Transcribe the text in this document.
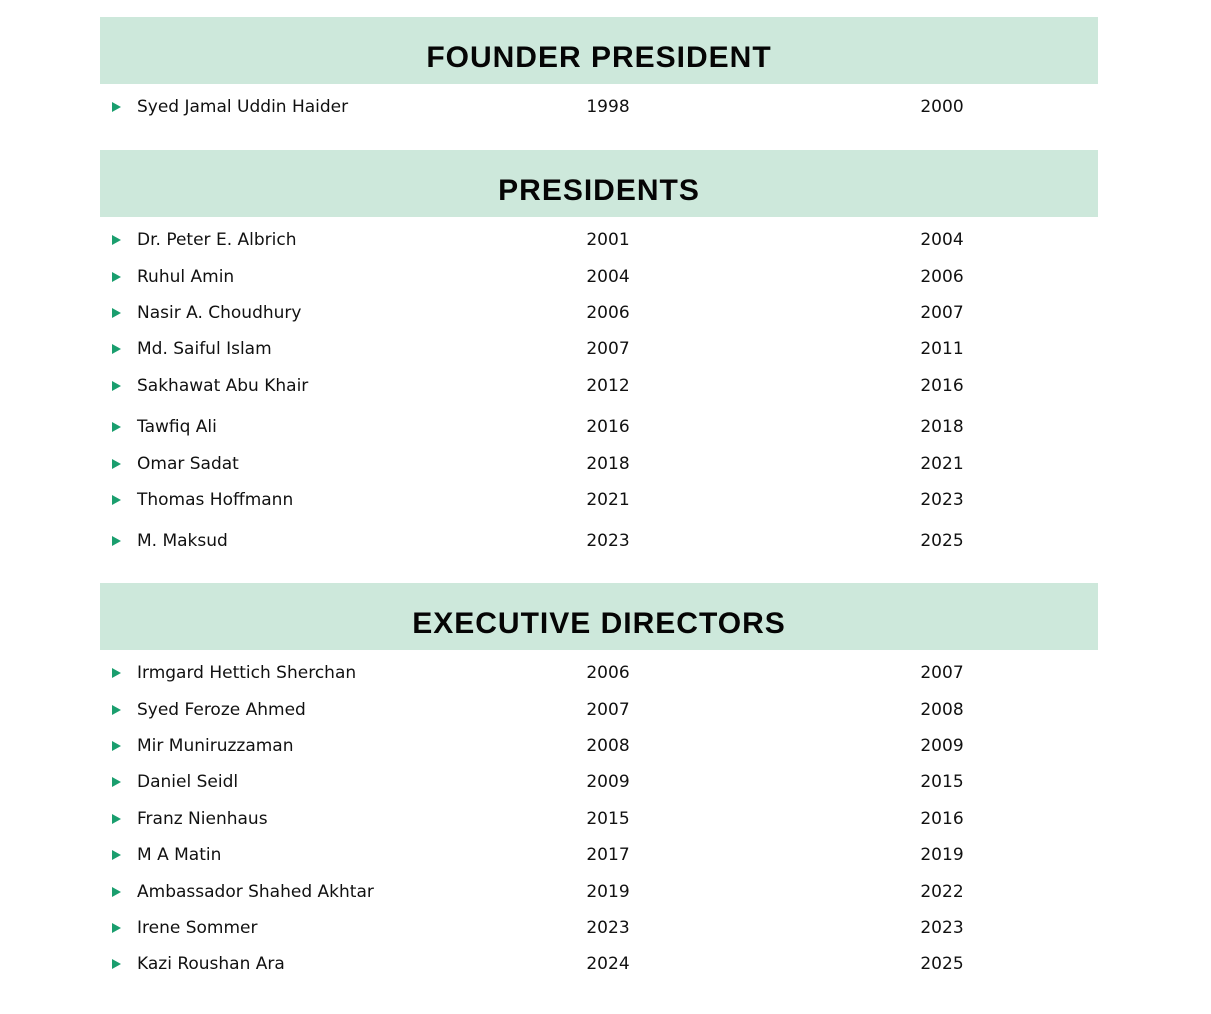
FOUNDER PRESIDENT
Syed Jamal Uddin Haider	1998	2000
PRESIDENTS
Dr. Peter E. Albrich	2001	2004
Ruhul Amin	2004	2006
Nasir A. Choudhury	2006	2007
Md. Saiful Islam	2007	2011
Sakhawat Abu Khair	2012	2016
Tawfiq Ali	2016	2018
Omar Sadat	2018	2021
Thomas Hoffmann	2021	2023
M. Maksud	2023	2025
EXECUTIVE DIRECTORS
Irmgard Hettich Sherchan	2006	2007
Syed Feroze Ahmed	2007	2008
Mir Muniruzzaman	2008	2009
Daniel Seidl	2009	2015
Franz Nienhaus	2015	2016
M A Matin	2017	2019
Ambassador Shahed Akhtar	2019	2022
Irene Sommer	2023	2023
Kazi Roushan Ara	2024	2025
